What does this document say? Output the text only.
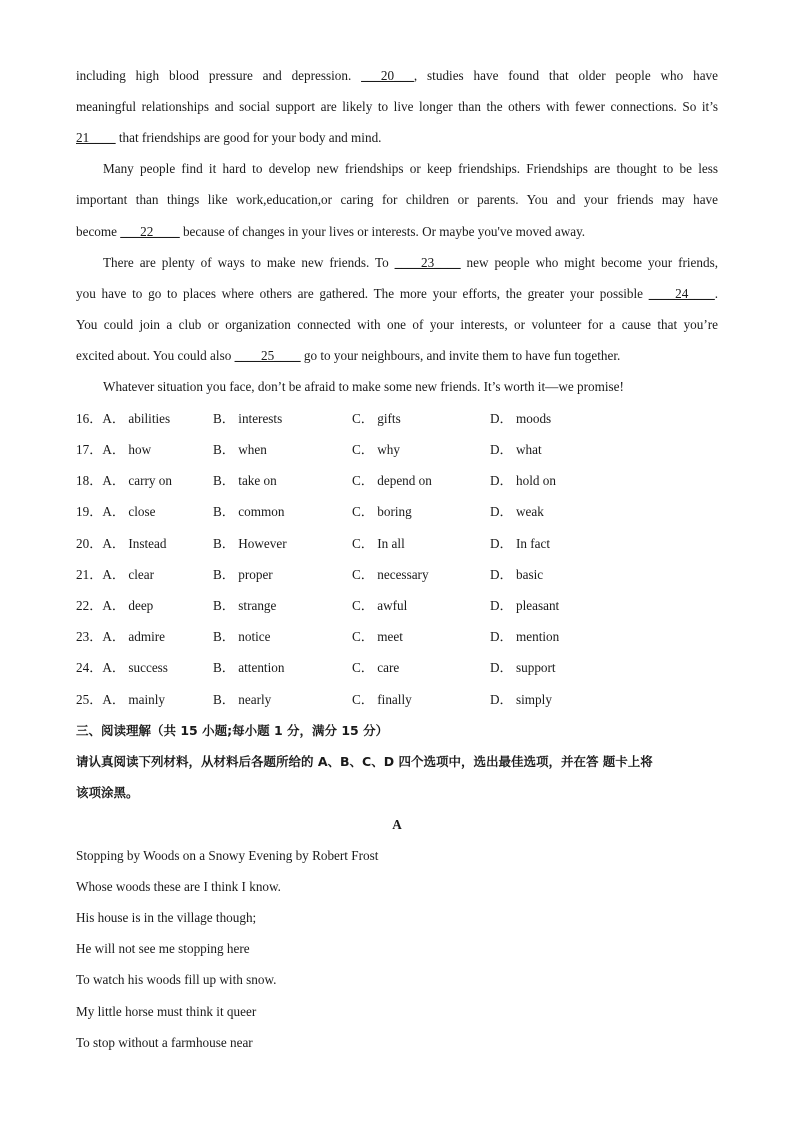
including high blood pressure and depression. ___20___, studies have found that older people who have
meaningful relationships and social support are likely to live longer than the others with fewer connections. So it’s
21____ that friendships are good for your body and mind.
Many people find it hard to develop new friendships or keep friendships. Friendships are thought to be less
important than things like work,education,or caring for children or parents. You and your friends may have
become ___22____ because of changes in your lives or interests. Or maybe you've moved away.
There are plenty of ways to make new friends. To ____23____ new people who might become your friends,
you have to go to places where others are gathered. The more your efforts, the greater your possible ____24____.
You could join a club or organization connected with one of your interests, or volunteer for a cause that you’re
excited about. You could also ____25____ go to your neighbours, and invite them to have fun together.
Whatever situation you face, don’t be afraid to make some new friends. It’s worth it—we promise!
16．A． abilities	B． interests	C． gifts	D． moods
17．A． how	B． when	C． why	D． what
18．A． carry on	B． take on	C． depend on	D． hold on
19．A． close	B． common	C． boring	D． weak
20．A． Instead	B． However	C． In all	D． In fact
21．A． clear	B． proper	C． necessary	D． basic
22．A． deep	B． strange	C． awful	D． pleasant
23．A． admire	B． notice	C． meet	D． mention
24．A． success	B． attention	C． care	D． support
25．A． mainly	B． nearly	C． finally	D． simply
三、阅读理解（共 15 小题;每小题 1 分，满分 15 分）
请认真阅读下列材料，从材料后各题所给的 A、B、C、D 四个选项中，选出最佳选项，并在答 题卡上将
该项涂黑。
A
Stopping by Woods on a Snowy Evening by Robert Frost
Whose woods these are I think I know.
His house is in the village though;
He will not see me stopping here
To watch his woods fill up with snow.
My little horse must think it queer
To stop without a farmhouse near
